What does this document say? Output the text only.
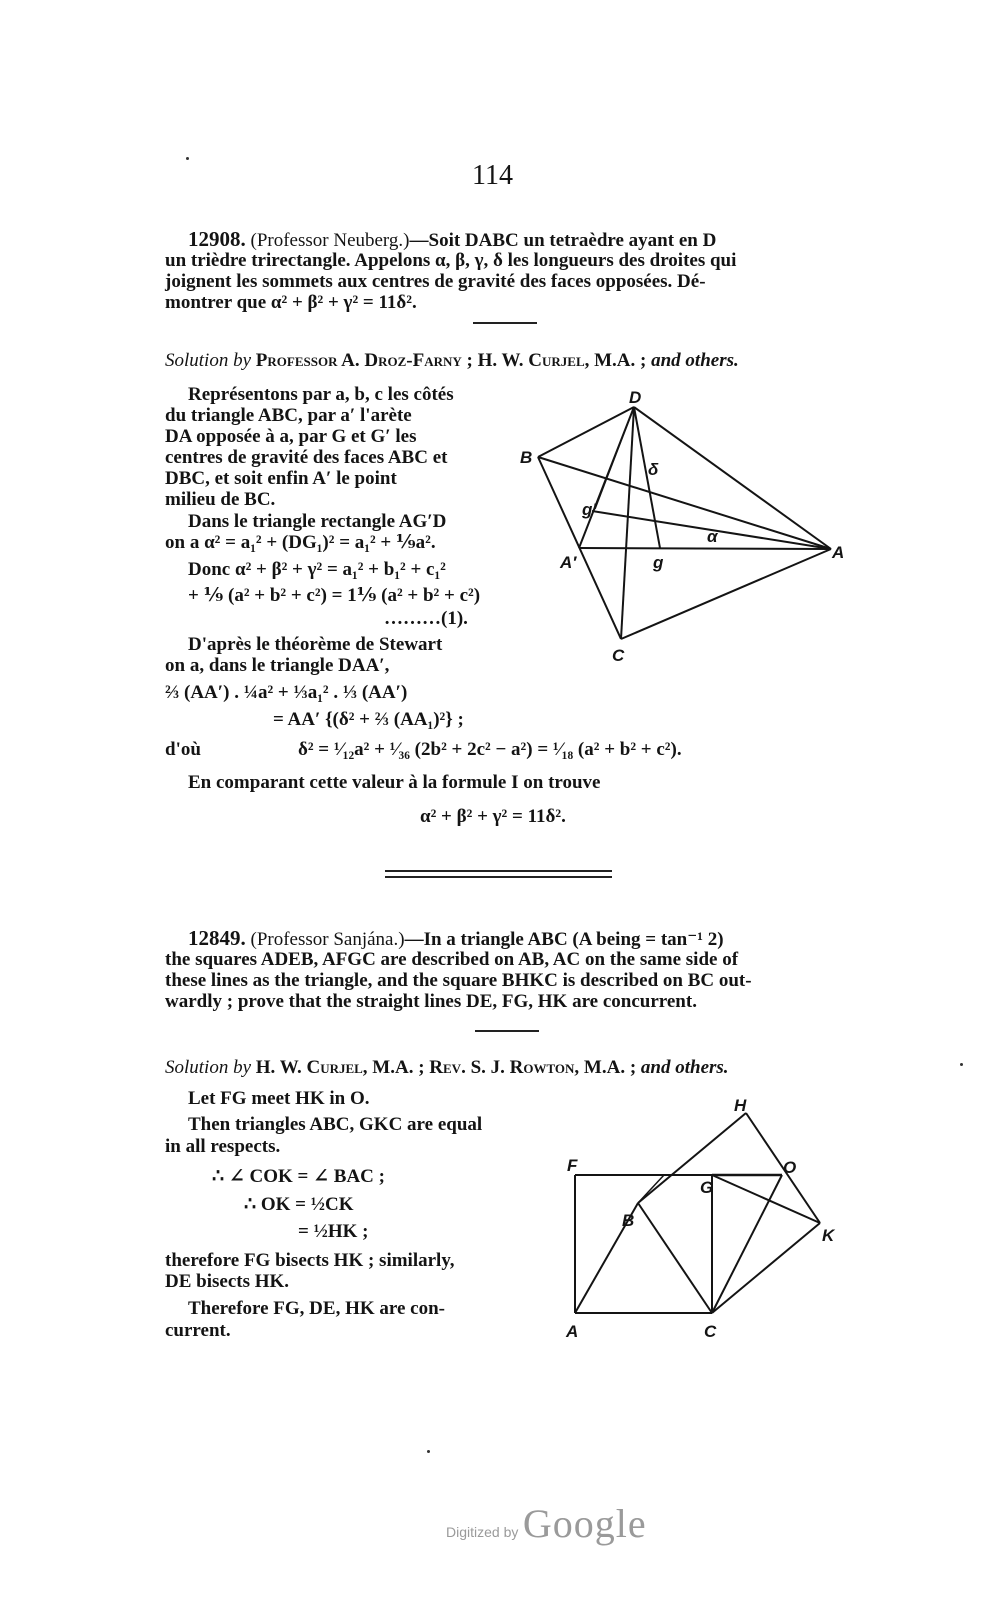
114
12908. (Professor Neuberg.)—Soit DABC un tetraèdre ayant en D
un trièdre trirectangle. Appelons α, β, γ, δ les longueurs des droites qui
joignent les sommets aux centres de gravité des faces opposées. Dé-
montrer que α² + β² + γ² = 11δ².
Solution by Professor A. Droz-Farny ; H. W. Curjel, M.A. ; and others.
Représentons par a, b, c les côtés
du triangle ABC, par a′ l'arète
DA opposée à a, par G et G′ les
centres de gravité des faces ABC et
DBC, et soit enfin A′ le point
milieu de BC.
Dans le triangle rectangle AG′D
on a α² = a₁² + (DG₁)² = a₁² + ⅑a².
Donc α² + β² + γ² = a₁² + b₁² + c₁²
+ ⅑ (a² + b² + c²) = 1⅑ (a² + b² + c²)
………(1).
D'après le théorème de Stewart
on a, dans le triangle DAA′,
⅔ (AA′) . ¼a² + ⅓a₁² . ⅓ (AA′)
= AA′ {(δ² + ⅔ (AA₁)²} ;
d'où	δ² = ¹⁄₁₂a² + ¹⁄₃₆ (2b² + 2c² − a²) = ¹⁄₁₈ (a² + b² + c²).
En comparant cette valeur à la formule I on trouve
α² + β² + γ² = 11δ².
D
B
A
C
A′	g
g′
δ
α
12849. (Professor Sanjána.)—In a triangle ABC (A being = tan⁻¹ 2)
the squares ADEB, AFGC are described on AB, AC on the same side of
these lines as the triangle, and the square BHKC is described on BC out-
wardly ; prove that the straight lines DE, FG, HK are concurrent.
Solution by H. W. Curjel, M.A. ; Rev. S. J. Rowton, M.A. ; and others.
Let FG meet HK in O.
Then triangles ABC, GKC are equal
in all respects.
∴ ∠ COK = ∠ BAC ;
∴ OK = ½CK
= ½HK ;
therefore FG bisects HK ; similarly,
DE bisects HK.
Therefore FG, DE, HK are con-
current.
H
F	O
G
B
K
A	C
Digitized by Google
